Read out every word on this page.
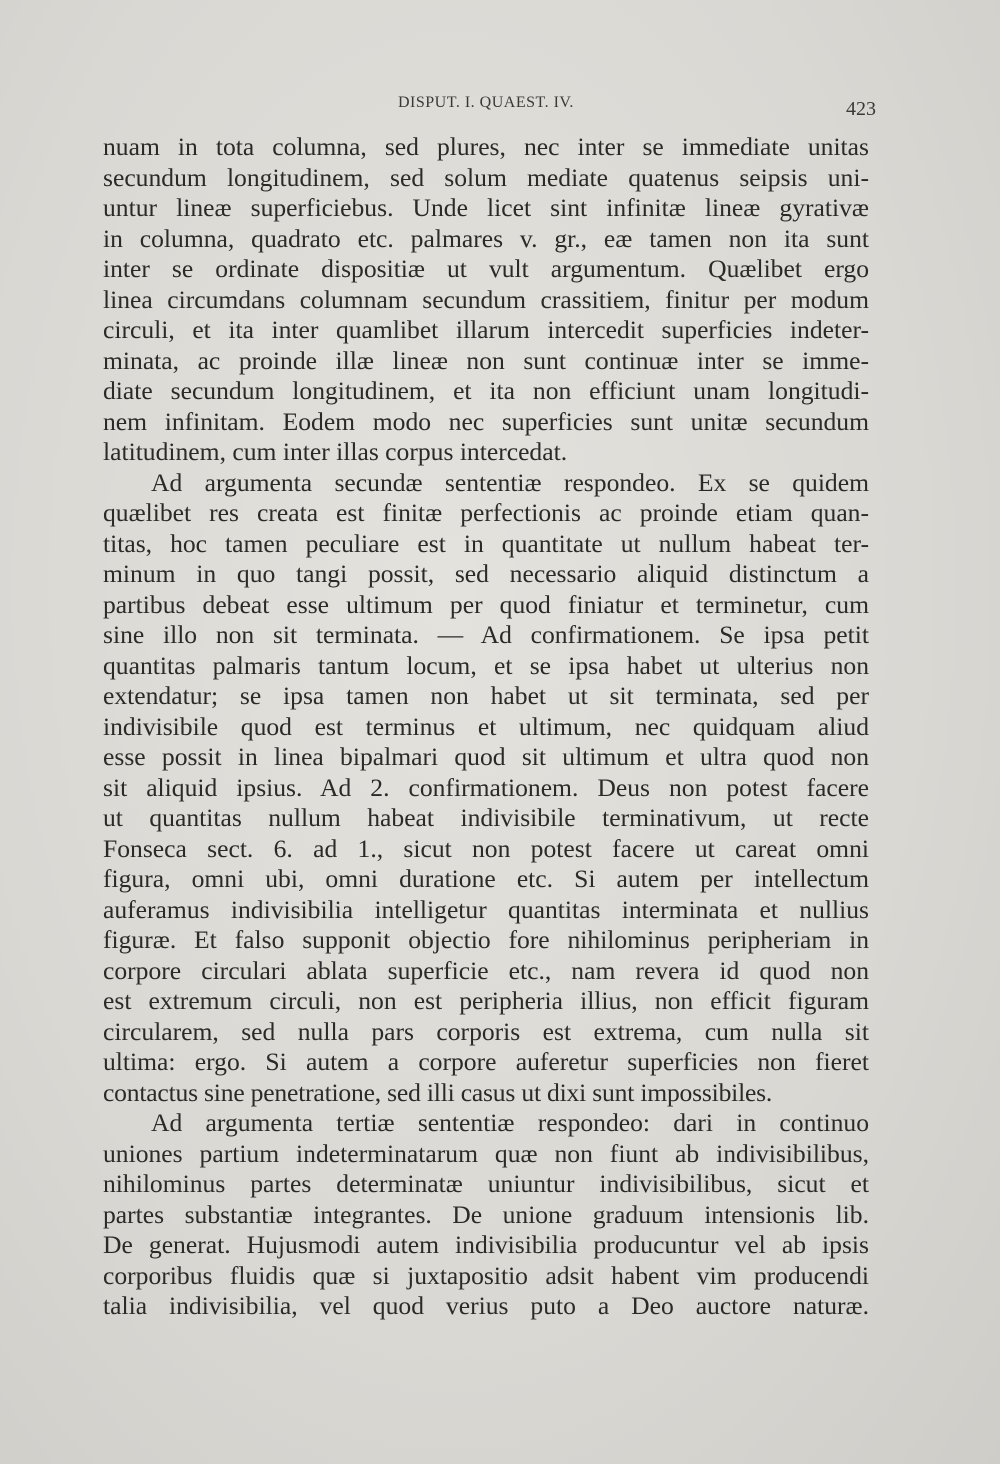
DISPUT. I. QUAEST. IV.	423
nuam in tota columna, sed plures, nec inter se immediate unitas
secundum longitudinem, sed solum mediate quatenus seipsis uni-
untur lineæ superficiebus. Unde licet sint infinitæ lineæ gyrativæ
in columna, quadrato etc. palmares v. gr., eæ tamen non ita sunt
inter se ordinate dispositiæ ut vult argumentum. Quælibet ergo
linea circumdans columnam secundum crassitiem, finitur per modum
circuli, et ita inter quamlibet illarum intercedit superficies indeter-
minata, ac proinde illæ lineæ non sunt continuæ inter se imme-
diate secundum longitudinem, et ita non efficiunt unam longitudi-
nem infinitam. Eodem modo nec superficies sunt unitæ secundum
latitudinem, cum inter illas corpus intercedat.
Ad argumenta secundæ sententiæ respondeo. Ex se quidem
quælibet res creata est finitæ perfectionis ac proinde etiam quan-
titas, hoc tamen peculiare est in quantitate ut nullum habeat ter-
minum in quo tangi possit, sed necessario aliquid distinctum a
partibus debeat esse ultimum per quod finiatur et terminetur, cum
sine illo non sit terminata. — Ad confirmationem. Se ipsa petit
quantitas palmaris tantum locum, et se ipsa habet ut ulterius non
extendatur; se ipsa tamen non habet ut sit terminata, sed per
indivisibile quod est terminus et ultimum, nec quidquam aliud
esse possit in linea bipalmari quod sit ultimum et ultra quod non
sit aliquid ipsius. Ad 2. confirmationem. Deus non potest facere
ut quantitas nullum habeat indivisibile terminativum, ut recte
Fonseca sect. 6. ad 1., sicut non potest facere ut careat omni
figura, omni ubi, omni duratione etc. Si autem per intellectum
auferamus indivisibilia intelligetur quantitas interminata et nullius
figuræ. Et falso supponit objectio fore nihilominus peripheriam in
corpore circulari ablata superficie etc., nam revera id quod non
est extremum circuli, non est peripheria illius, non efficit figuram
circularem, sed nulla pars corporis est extrema, cum nulla sit
ultima: ergo. Si autem a corpore auferetur superficies non fieret
contactus sine penetratione, sed illi casus ut dixi sunt impossibiles.
Ad argumenta tertiæ sententiæ respondeo: dari in continuo
uniones partium indeterminatarum quæ non fiunt ab indivisibilibus,
nihilominus partes determinatæ uniuntur indivisibilibus, sicut et
partes substantiæ integrantes. De unione graduum intensionis lib.
De generat. Hujusmodi autem indivisibilia producuntur vel ab ipsis
corporibus fluidis quæ si juxtapositio adsit habent vim producendi
talia indivisibilia, vel quod verius puto a Deo auctore naturæ.
